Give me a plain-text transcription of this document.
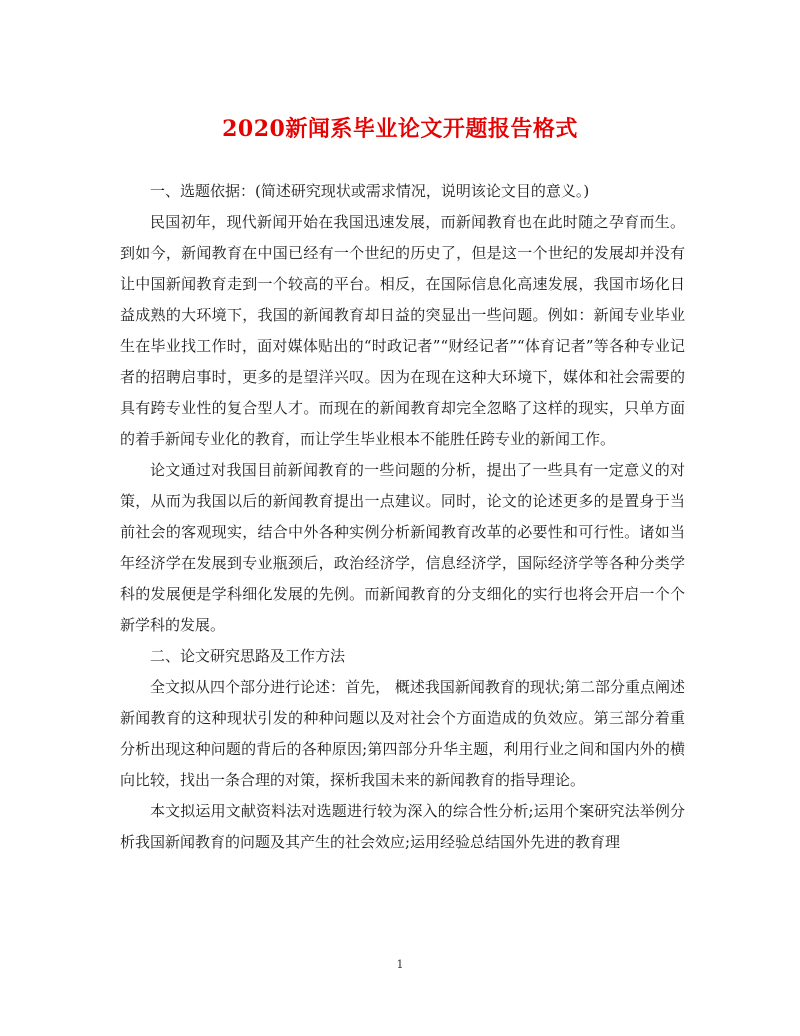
2020新闻系毕业论文开题报告格式

一、选题依据：(简述研究现状或需求情况，说明该论文目的意义。)

民国初年，现代新闻开始在我国迅速发展，而新闻教育也在此时随之孕育而生。到如今，新闻教育在中国已经有一个世纪的历史了，但是这一个世纪的发展却并没有让中国新闻教育走到一个较高的平台。相反，在国际信息化高速发展，我国市场化日益成熟的大环境下，我国的新闻教育却日益的突显出一些问题。例如：新闻专业毕业生在毕业找工作时，面对媒体贴出的“时政记者”“财经记者”“体育记者”等各种专业记者的招聘启事时，更多的是望洋兴叹。因为在现在这种大环境下，媒体和社会需要的具有跨专业性的复合型人才。而现在的新闻教育却完全忽略了这样的现实，只单方面的着手新闻专业化的教育，而让学生毕业根本不能胜任跨专业的新闻工作。

论文通过对我国目前新闻教育的一些问题的分析，提出了一些具有一定意义的对策，从而为我国以后的新闻教育提出一点建议。同时，论文的论述更多的是置身于当前社会的客观现实，结合中外各种实例分析新闻教育改革的必要性和可行性。诸如当年经济学在发展到专业瓶颈后，政治经济学，信息经济学，国际经济学等各种分类学科的发展便是学科细化发展的先例。而新闻教育的分支细化的实行也将会开启一个个新学科的发展。

二、论文研究思路及工作方法

全文拟从四个部分进行论述：首先， 概述我国新闻教育的现状;第二部分重点阐述新闻教育的这种现状引发的种种问题以及对社会个方面造成的负效应。第三部分着重分析出现这种问题的背后的各种原因;第四部分升华主题，利用行业之间和国内外的横向比较，找出一条合理的对策，探析我国未来的新闻教育的指导理论。

本文拟运用文献资料法对选题进行较为深入的综合性分析;运用个案研究法举例分析我国新闻教育的问题及其产生的社会效应;运用经验总结国外先进的教育理

1
